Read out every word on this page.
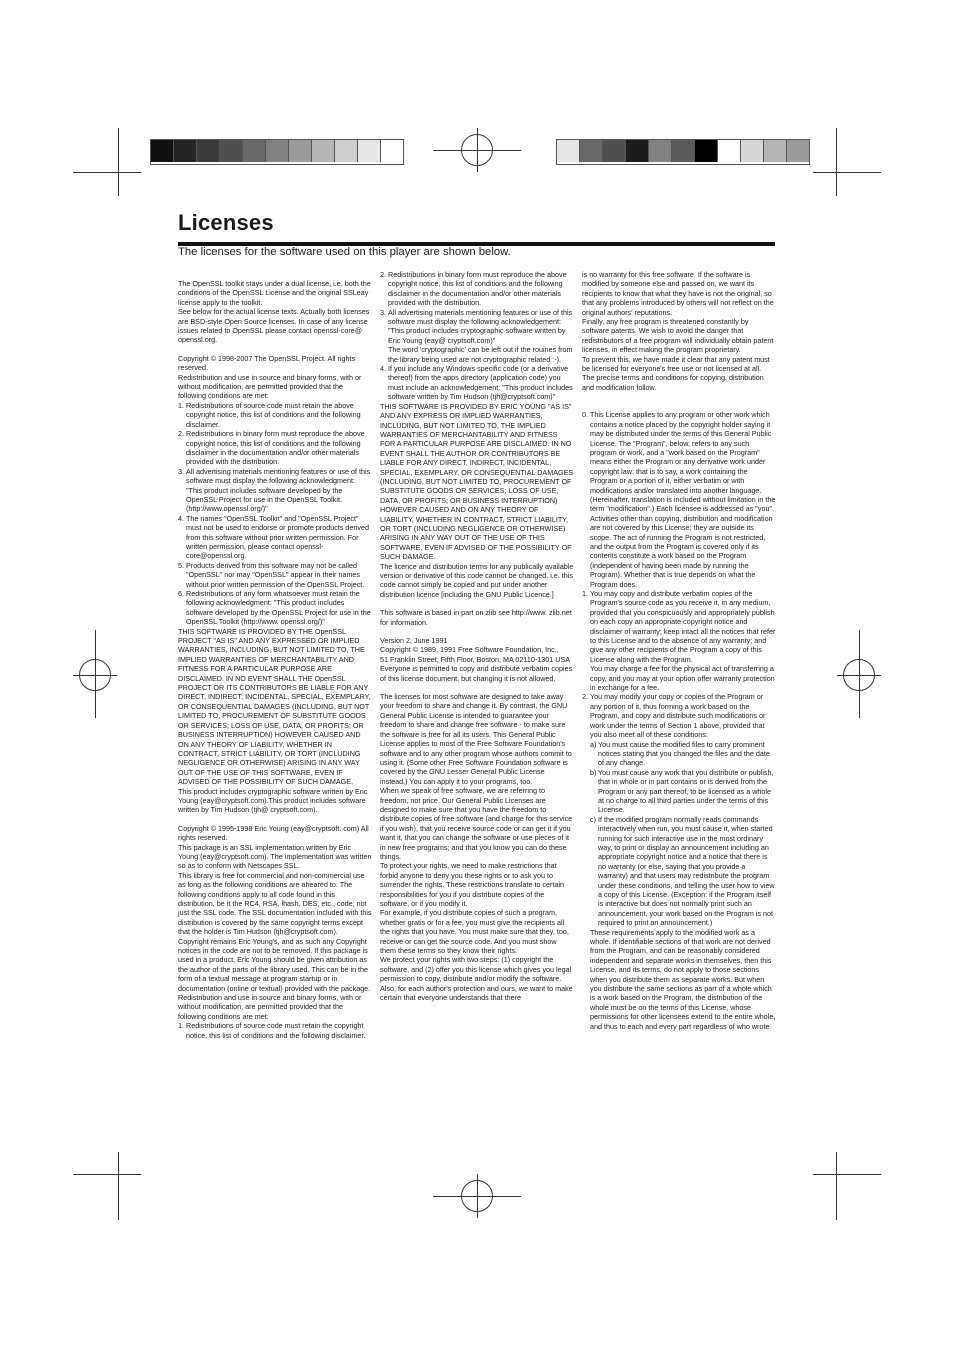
Licenses

The licenses for the software used on this player are shown below.

The OpenSSL toolkit stays under a dual license, i.e. both the conditions of the OpenSSL License and the original SSLeay license apply to the toolkit.

See below for the actual license texts. Actually both licenses are BSD-style Open Source licenses. In case of any license issues related to OpenSSL please contact openssl-core@ openssl.org.

Copyright © 1998-2007 The OpenSSL Project. All rights reserved.

Redistribution and use in source and binary forms, with or without modification, are permitted provided that the following conditions are met:

1. Redistributions of source code must retain the above copyright notice, this list of conditions and the following disclaimer.
2. Redistributions in binary form must reproduce the above copyright notice, this list of conditions and the following disclaimer in the documentation and/or other materials provided with the distribution.
3. All advertising materials mentioning features or use of this software must display the following acknowledgment: "This product includes software developed by the OpenSSL Project for use in the OpenSSL Toolkit. (http://www.openssl.org/)"
4. The names "OpenSSL Toolkit" and "OpenSSL Project" must not be used to endorse or promote products derived from this software without prior written permission. For written permission, please contact openssl-core@openssl.org.
5. Products derived from this software may not be called "OpenSSL" nor may "OpenSSL" appear in their names without prior written permission of the OpenSSL Project.
6. Redistributions of any form whatsoever must retain the following acknowledgment: "This product includes software developed by the OpenSSL Project for use in the OpenSSL Toolkit (http://www. openssl.org/)"

THIS SOFTWARE IS PROVIDED BY THE OpenSSL PROJECT "AS IS" AND ANY EXPRESSED OR IMPLIED WARRANTIES, INCLUDING, BUT NOT LIMITED TO, THE IMPLIED WARRANTIES OF MERCHANTABILITY AND FITNESS FOR A PARTICULAR PURPOSE ARE DISCLAIMED. IN NO EVENT SHALL THE OpenSSL PROJECT OR ITS CONTRIBUTORS BE LIABLE FOR ANY DIRECT, INDIRECT, INCIDENTAL, SPECIAL, EXEMPLARY, OR CONSEQUENTIAL DAMAGES (INCLUDING, BUT NOT LIMITED TO, PROCUREMENT OF SUBSTITUTE GOODS OR SERVICES; LOSS OF USE, DATA, OR PROFITS; OR BUSINESS INTERRUPTION) HOWEVER CAUSED AND ON ANY THEORY OF LIABILITY, WHETHER IN CONTRACT, STRICT LIABILITY, OR TORT (INCLUDING NEGLIGENCE OR OTHERWISE) ARISING IN ANY WAY OUT OF THE USE OF THIS SOFTWARE, EVEN IF ADVISED OF THE POSSIBILITY OF SUCH DAMAGE.

This product includes cryptographic software written by Eric Young (eay@cryptsoft.com).This product includes software written by Tim Hudson (tjh@ cryptsoft.com).

Copyright © 1995-1998 Eric Young (eay@cryptsoft. com) All rights reserved.

This package is an SSL implementation written by Eric Young (eay@cryptsoft.com). The implementation was written so as to conform with Netscapes SSL.

This library is free for commercial and non-commercial use as long as the following conditions are aheared to. The following conditions apply to all code found in this distribution, be it the RC4, RSA, lhash, DES, etc., code; not just the SSL code. The SSL documentation included with this distribution is covered by the same copyright terms except that the holder is Tim Hudson (tjh@cryptsoft.com).

Copyright remains Eric Young's, and as such any Copyright notices in the code are not to be removed. If this package is used in a product, Eric Young should be given attribution as the author of the parts of the library used. This can be in the form of a textual message at program startup or in documentation (online or textual) provided with the package.

Redistribution and use in source and binary forms, with or without modification, are permitted provided that the following conditions are met:

1. Redistributions of source code must retain the copyright notice, this list of conditions and the following disclaimer.
2. Redistributions in binary form must reproduce the above copyright notice, this list of conditions and the following disclaimer in the documentation and/or other materials provided with the distribution.
3. All advertising materials mentioning features or use of this software must display the following acknowledgement: "This product includes cryptographic software written by Eric Young (eay@ cryptsoft.com)"
The word 'cryptographic' can be left out if the rouines from the library being used are not cryptographic related :-).
4. If you include any Windows specific code (or a derivative thereof) from the apps directory (application code) you must include an acknowledgement: "This product includes software written by Tim Hudson (tjh@cryptsoft.com)"

THIS SOFTWARE IS PROVIDED BY ERIC YOUNG "AS IS" AND ANY EXPRESS OR IMPLIED WARRANTIES, INCLUDING, BUT NOT LIMITED TO, THE IMPLIED WARRANTIES OF MERCHANTABILITY AND FITNESS FOR A PARTICULAR PURPOSE ARE DISCLAIMED. IN NO EVENT SHALL THE AUTHOR OR CONTRIBUTORS BE LIABLE FOR ANY DIRECT, INDIRECT, INCIDENTAL, SPECIAL, EXEMPLARY, OR CONSEQUENTIAL DAMAGES (INCLUDING, BUT NOT LIMITED TO, PROCUREMENT OF SUBSTITUTE GOODS OR SERVICES; LOSS OF USE, DATA, OR PROFITS; OR BUSINESS INTERRUPTION) HOWEVER CAUSED AND ON ANY THEORY OF LIABILITY, WHETHER IN CONTRACT, STRICT LIABILITY, OR TORT (INCLUDING NEGLIGENCE OR OTHERWISE) ARISING IN ANY WAY OUT OF THE USE OF THIS SOFTWARE, EVEN IF ADVISED OF THE POSSIBILITY OF SUCH DAMAGE.

The licence and distribution terms for any publically available version or derivative of this code cannot be changed. i.e. this code cannot simply be copied and put under another distribution licence [including the GNU Public Licence.]

This software is based in part on zlib see http://www. zlib.net for information.

Version 2, June 1991

Copyright © 1989, 1991 Free Software Foundation, Inc.,

51 Franklin Street, Fifth Floor, Boston, MA 02110-1301 USA

Everyone is permitted to copy and distribute verbatim copies of this license document, but changing it is not allowed.

The licenses for most software are designed to take away your freedom to share and change it. By contrast, the GNU General Public License is intended to guarantee your freedom to share and change free software - to make sure the software is free for all its users. This General Public License applies to most of the Free Software Foundation's software and to any other program whose authors commit to using it. (Some other Free Software Foundation software is covered by the GNU Lesser General Public License instead.) You can apply it to your programs, too.

When we speak of free software, we are referring to freedom, not price. Our General Public Licenses are designed to make sure that you have the freedom to distribute copies of free software (and charge for this service if you wish), that you receive source code or can get it if you want it, that you can change the software or use pieces of it in new free programs; and that you know you can do these things.

To protect your rights, we need to make restrictions that forbid anyone to deny you these rights or to ask you to surrender the rights. These restrictions translate to certain responsibilities for you if you distribute copies of the software, or if you modify it.

For example, if you distribute copies of such a program, whether gratis or for a fee, you must give the recipients all the rights that you have. You must make sure that they, too, receive or can get the source code. And you must show them these terms so they know their rights.

We protect your rights with two steps: (1) copyright the software, and (2) offer you this license which gives you legal permission to copy, distribute and/or modify the software.

Also, for each author's protection and ours, we want to make certain that everyone understands that there

is no warranty for this free software. If the software is modified by someone else and passed on, we want its recipients to know that what they have is not the original, so that any problems introduced by others will not reflect on the original authors' reputations.

Finally, any free program is threatened constantly by software patents. We wish to avoid the danger that redistributors of a free program will individually obtain patent licenses, in effect making the program proprietary.

To prevent this, we have made it clear that any patent must be licensed for everyone's free use or not licensed at all.

The precise terms and conditions for copying, distribution and modification follow.

0. This License applies to any program or other work which contains a notice placed by the copyright holder saying it may be distributed under the terms of this General Public License. The "Program", below, refers to any such program or work, and a "work based on the Program" means either the Program or any derivative work under copyright law: that is to say, a work containing the Program or a portion of it, either verbatim or with modifications and/or translated into another language.(Hereinafter, translation is included without limitation in the term "modification".) Each licensee is addressed as "you".
Activities other than copying, distribution and modification are not covered by this License; they are outside its scope. The act of running the Program is not restricted, and the output from the Program is covered only if its contents constitute a work based on the Program (independent of having been made by running the Program). Whether that is true depends on what the Program does.
1. You may copy and distribute verbatim copies of the Program's source code as you receive it, in any medium, provided that you conspicuously and appropriately publish on each copy an appropriate copyright notice and disclaimer of warranty; keep intact all the notices that refer to this License and to the absence of any warranty; and give any other recipients of the Program a copy of this License along with the Program.
You may charge a fee for the physical act of transferring a copy, and you may at your option offer warranty protection in exchange for a fee.
2. You may modify your copy or copies of the Program or any portion of it, thus forming a work based on the Program, and copy and distribute such modifications or work under the terms of Section 1 above, provided that you also meet all of these conditions:
a) You must cause the modified files to carry prominent notices stating that you changed the files and the date of any change.
b) You must cause any work that you distribute or publish, that in whole or in part contains or is derived from the Program or any part thereof, to be licensed as a whole at no charge to all third parties under the terms of this License.
c) If the modified program normally reads commands interactively when run, you must cause it, when started running for such interactive use in the most ordinary way, to print or display an announcement including an appropriate copyright notice and a notice that there is no warranty (or else, saying that you provide a warranty) and that users may redistribute the program under these conditions, and telling the user how to view a copy of this License. (Exception: if the Program itself is interactive but does not normally print such an announcement, your work based on the Program is not required to print an announcement.)
These requirements apply to the modified work as a whole. If identifiable sections of that work are not derived from the Program, and can be reasonably considered independent and separate works in themselves, then this License, and its terms, do not apply to those sections when you distribute them as separate works. But when you distribute the same sections as part of a whole which is a work based on the Program, the distribution of the whole must be on the terms of this License, whose permissions for other licensees extend to the entire whole, and thus to each and every part regardless of who wrote
